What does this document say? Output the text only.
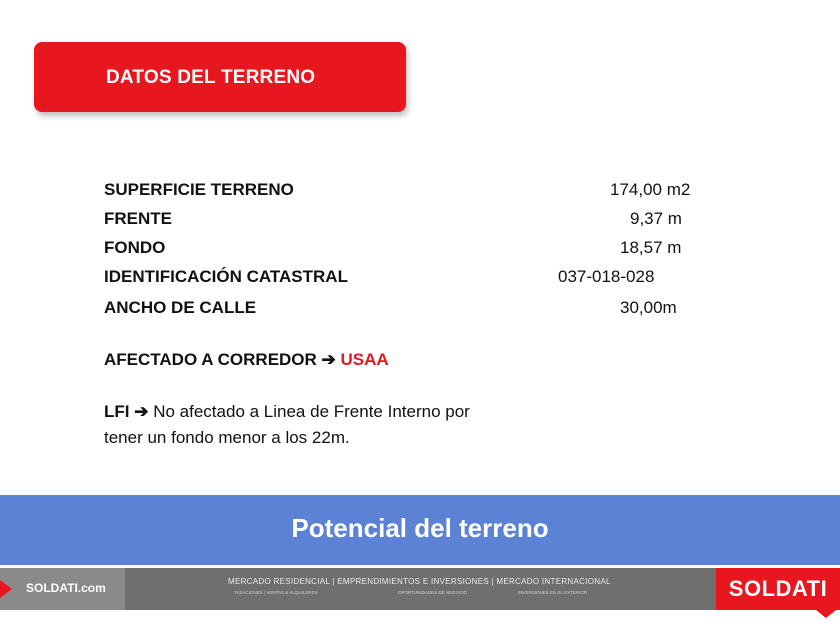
DATOS DEL TERRENO
SUPERFICIE TERRENO	174,00 m2
FRENTE	9,37 m
FONDO	18,57 m
IDENTIFICACIÓN CATASTRAL	037-018-028
ANCHO DE CALLE	30,00m
AFECTADO A CORREDOR ➔ USAA
LFI ➔ No afectado a Linea de Frente Interno por
tener un fondo menor a los 22m.
Potencial del terreno
SOLDATI.com	MERCADO RESIDENCIAL | EMPRENDIMIENTOS E INVERSIONES | MERCADO INTERNACIONAL
TASACIONES | VENTAS & ALQUILERES	OPORTUNIDADES DE NEGOCIO	INVERSIONES EN EL EXTERIOR	SOLDATI
